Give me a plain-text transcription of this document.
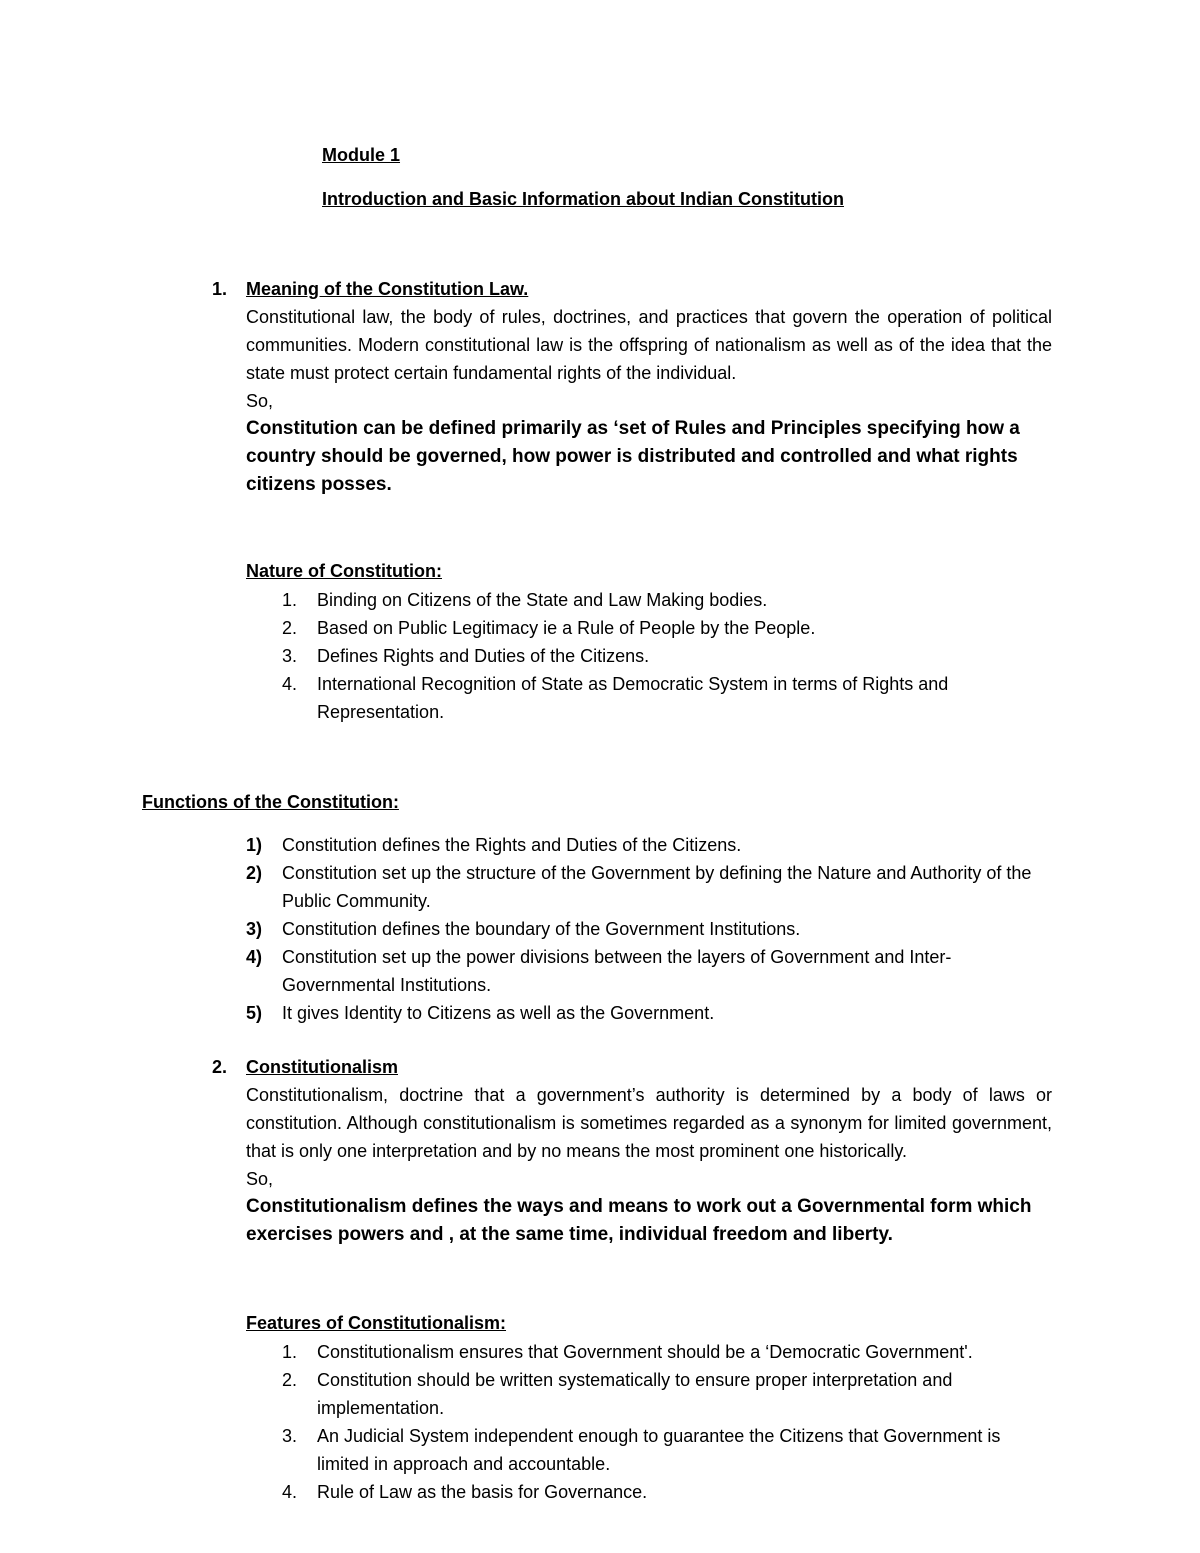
Module 1
Introduction and Basic Information about Indian Constitution
1. Meaning of the Constitution Law.

Constitutional law, the body of rules, doctrines, and practices that govern the operation of political communities. Modern constitutional law is the offspring of nationalism as well as of the idea that the state must protect certain fundamental rights of the individual.

So,
Constitution can be defined primarily as ‘set of Rules and Principles specifying how a country should be governed, how power is distributed and controlled and what rights citizens posses.
Nature of Constitution:
1. Binding on Citizens of the State and Law Making bodies.
2. Based on Public Legitimacy ie a Rule of People by the People.
3. Defines Rights and Duties of the Citizens.
4. International Recognition of State as Democratic System in terms of Rights and Representation.
Functions of the Constitution:
1) Constitution defines the Rights and Duties of the Citizens.
2) Constitution set up the structure of the Government by defining the Nature and Authority of the Public Community.
3) Constitution defines the boundary of the Government Institutions.
4) Constitution set up the power divisions between the layers of Government and Inter-Governmental Institutions.
5) It gives Identity to Citizens as well as the Government.
2. Constitutionalism

Constitutionalism, doctrine that a government’s authority is determined by a body of laws or constitution. Although constitutionalism is sometimes regarded as a synonym for limited government, that is only one interpretation and by no means the most prominent one historically.

So,
Constitutionalism defines the ways and means to work out a Governmental form which exercises powers and , at the same time, individual freedom and liberty.
Features of Constitutionalism:
1. Constitutionalism ensures that Government should be a ‘Democratic Government'.
2. Constitution should be written systematically to ensure proper interpretation and implementation.
3. An Judicial System independent enough to guarantee the Citizens that Government is limited in approach and accountable.
4. Rule of Law as the basis for Governance.
